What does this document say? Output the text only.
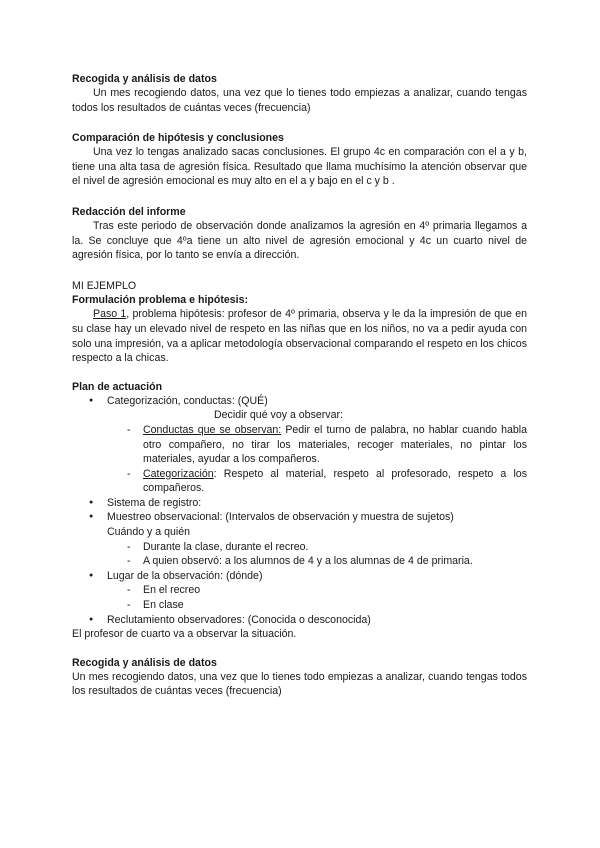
Recogida y análisis de datos

Un mes recogiendo datos, una vez que lo tienes todo empiezas a analizar, cuando tengas todos los resultados de cuántas veces (frecuencia)

Comparación de hipótesis y conclusiones

Una vez lo tengas analizado sacas conclusiones. El grupo 4c en comparación con el a y b, tiene una alta tasa de agresión física. Resultado que llama muchísimo la atención observar que el nivel de agresión emocional es muy alto en el a y bajo en el c y b .

Redacción del informe

Tras este periodo de observación donde analizamos la agresión en 4º primaria llegamos a la. Se concluye que 4ºa tiene un alto nivel de agresión emocional y 4c un cuarto nivel de agresión física, por lo tanto se envía a dirección.

MI EJEMPLO

Formulación problema e hipótesis:

Paso 1, problema hipótesis: profesor de 4º primaria, observa y le da la impresión de que en su clase hay un elevado nivel de respeto en las niñas que en los niños, no va a pedir ayuda con solo una impresión, va a aplicar metodología observacional comparando el respeto en los chicos respecto a la chicas.

Plan de actuación

● Categorización, conductas: (QUÉ)
Decidir qué voy a observar:
- Conductas que se observan: Pedir el turno de palabra, no hablar cuando habla otro compañero, no tirar los materiales, recoger materiales, no pintar los materiales, ayudar a los compañeros.
- Categorización: Respeto al material, respeto al profesorado, respeto a los compañeros.
● Sistema de registro:
● Muestreo observacional: (Intervalos de observación y muestra de sujetos)
Cuándo y a quién
- Durante la clase, durante el recreo.
- A quien observó: a los alumnos de 4 y a los alumnas de 4 de primaria.
● Lugar de la observación: (dónde)
- En el recreo
- En clase
● Reclutamiento observadores: (Conocida o desconocida)

El profesor de cuarto va a observar la situación.

Recogida y análisis de datos

Un mes recogiendo datos, una vez que lo tienes todo empiezas a analizar, cuando tengas todos los resultados de cuántas veces (frecuencia)
